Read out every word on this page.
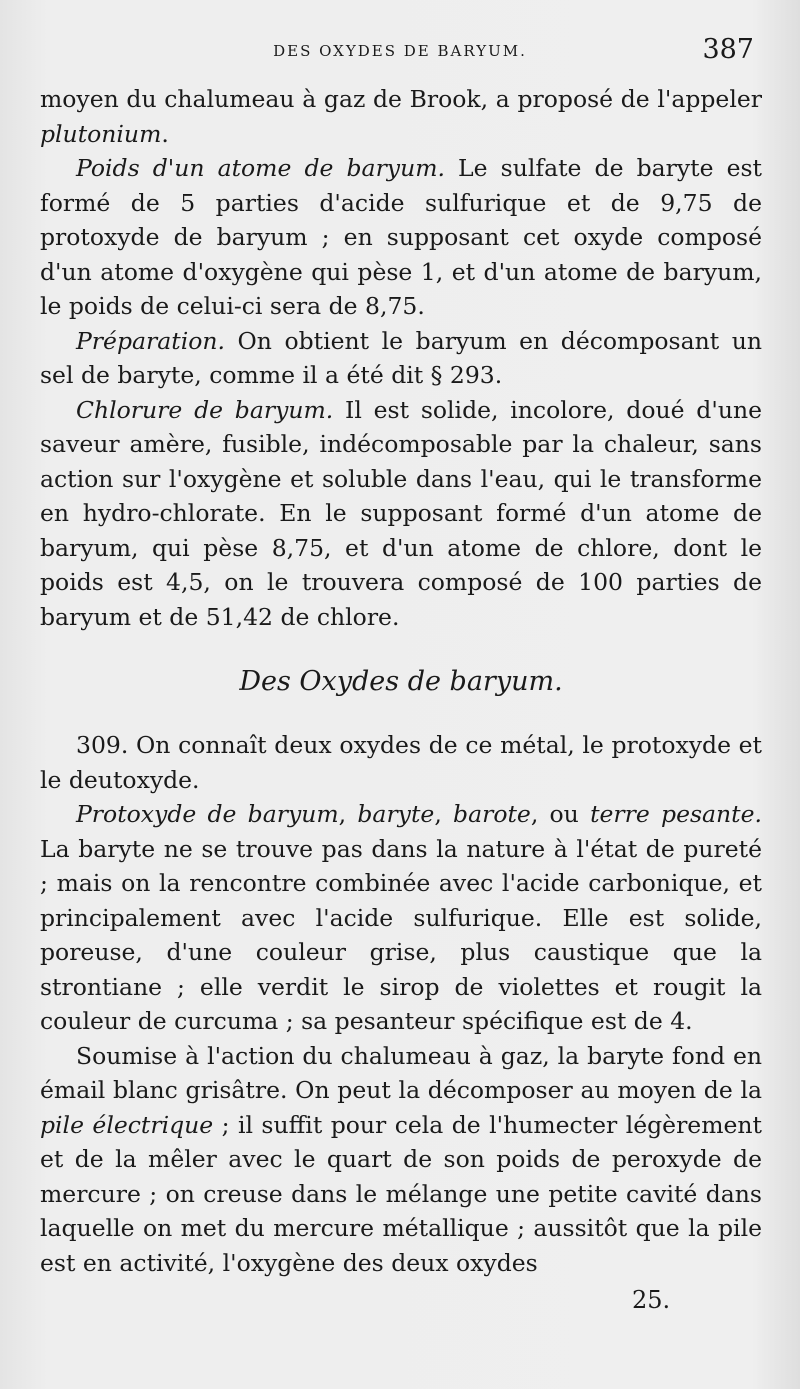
DES OXYDES DE BARYUM.	387

moyen du chalumeau à gaz de Brook, a proposé de l'appeler plutonium.

Poids d'un atome de baryum. Le sulfate de baryte est formé de 5 parties d'acide sulfurique et de 9,75 de protoxyde de baryum ; en supposant cet oxyde composé d'un atome d'oxygène qui pèse 1, et d'un atome de baryum, le poids de celui-ci sera de 8,75.

Préparation. On obtient le baryum en décomposant un sel de baryte, comme il a été dit § 293.

Chlorure de baryum. Il est solide, incolore, doué d'une saveur amère, fusible, indécomposable par la chaleur, sans action sur l'oxygène et soluble dans l'eau, qui le transforme en hydro-chlorate. En le supposant formé d'un atome de baryum, qui pèse 8,75, et d'un atome de chlore, dont le poids est 4,5, on le trouvera composé de 100 parties de baryum et de 51,42 de chlore.

Des Oxydes de baryum.

309. On connaît deux oxydes de ce métal, le protoxyde et le deutoxyde.

Protoxyde de baryum, baryte, barote, ou terre pesante. La baryte ne se trouve pas dans la nature à l'état de pureté ; mais on la rencontre combinée avec l'acide carbonique, et principalement avec l'acide sulfurique. Elle est solide, poreuse, d'une couleur grise, plus caustique que la strontiane ; elle verdit le sirop de violettes et rougit la couleur de curcuma ; sa pesanteur spécifique est de 4.

Soumise à l'action du chalumeau à gaz, la baryte fond en émail blanc grisâtre. On peut la décomposer au moyen de la pile électrique ; il suffit pour cela de l'humecter légèrement et de la mêler avec le quart de son poids de peroxyde de mercure ; on creuse dans le mélange une petite cavité dans laquelle on met du mercure métallique ; aussitôt que la pile est en activité, l'oxygène des deux oxydes

25.
